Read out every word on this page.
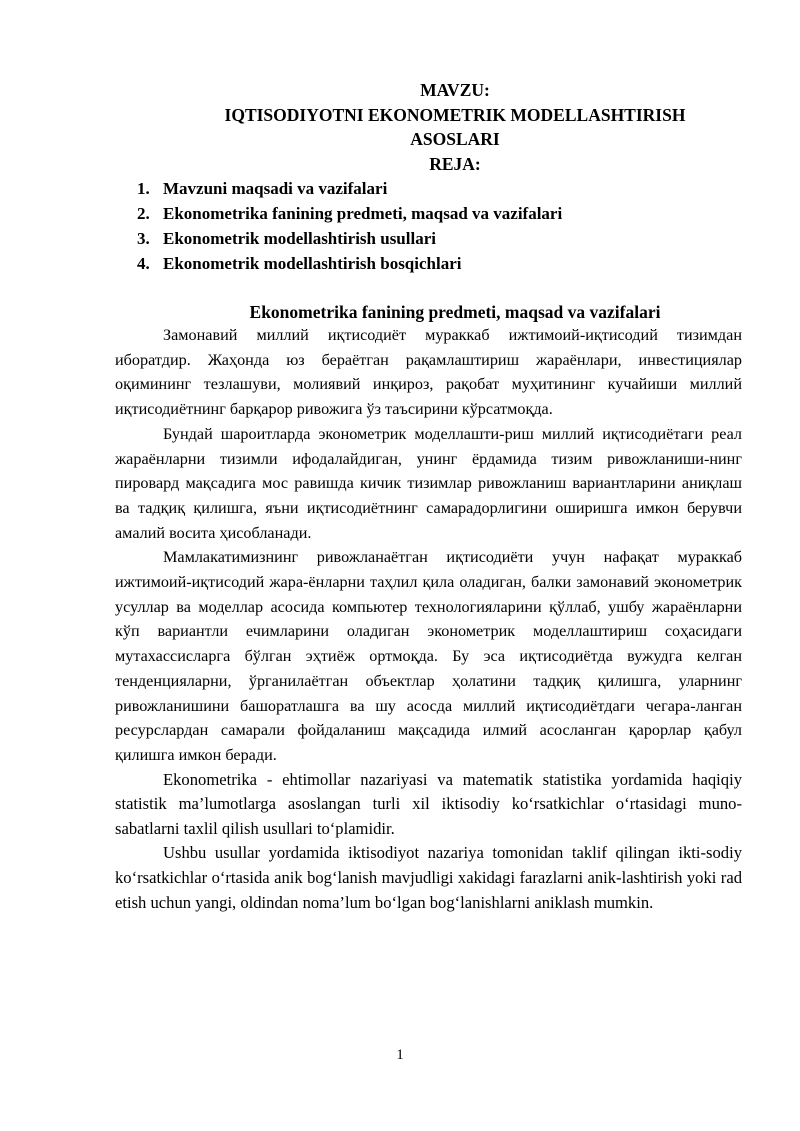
MAVZU:

IQTISODIYOTNI EKONOMETRIK MODELLASHTIRISH

ASOSLARI

REJA:

1. Mavzuni maqsadi va vazifalari
2. Ekonometrika fanining predmeti, maqsad va vazifalari
3. Ekonometrik modellashtirish usullari
4. Ekonometrik modellashtirish bosqichlari

Ekonometrika fanining predmeti, maqsad va vazifalari

Замонавий миллий иқтисодиёт мураккаб ижтимоий-иқтисодий тизимдан иборатдир. Жаҳонда юз бераётган рақамлаштириш жараёнлари, инвестициялар оқимининг тезлашуви, молиявий инқироз, рақобат муҳитининг кучайиши миллий иқтисодиётнинг барқарор ривожига ўз таъсирини кўрсатмоқда.

Бундай шароитларда эконометрик моделлашти-риш миллий иқтисодиётаги реал жараёнларни тизимли ифодалайдиган, унинг ёрдамида тизим ривожланиши-нинг пировард мақсадига мос равишда кичик тизимлар ривожланиш вариантларини аниқлаш ва тадқиқ қилишга, яъни иқтисодиётнинг самарадорлигини оширишга имкон берувчи амалий восита ҳисобланади.

Мамлакатимизнинг ривожланаётган иқтисодиёти учун нафақат мураккаб ижтимоий-иқтисодий жара-ёнларни таҳлил қила оладиган, балки замонавий эконометрик усуллар ва моделлар асосида компьютер технологияларини қўллаб, ушбу жараёнларни кўп вариантли ечимларини оладиган эконометрик моделлаштириш соҳасидаги мутахассисларга бўлган эҳтиёж ортмоқда. Бу эса иқтисодиётда вужудга келган тенденцияларни, ўрганилаётган объектлар ҳолатини тадқиқ қилишга, уларнинг ривожланишини башоратлашга ва шу асосда миллий иқтисодиётдаги чегара-ланган ресурслардан самарали фойдаланиш мақсадида илмий асосланган қарорлар қабул қилишга имкон беради.

Ekonometrika - ehtimollar nazariyasi va matematik statistika yordamida haqiqiy statistik ma’lumotlarga asoslangan turli xil iktisodiy ko‘rsatkichlar o‘rtasidagi muno-sabatlarni taxlil qilish usullari to‘plamidir.

Ushbu usullar yordamida iktisodiyot nazariya tomonidan taklif qilingan ikti-sodiy ko‘rsatkichlar o‘rtasida anik bog‘lanish mavjudligi xakidagi farazlarni anik-lashtirish yoki rad etish uchun yangi, oldindan noma’lum bo‘lgan bog‘lanishlarni aniklash mumkin.

1
